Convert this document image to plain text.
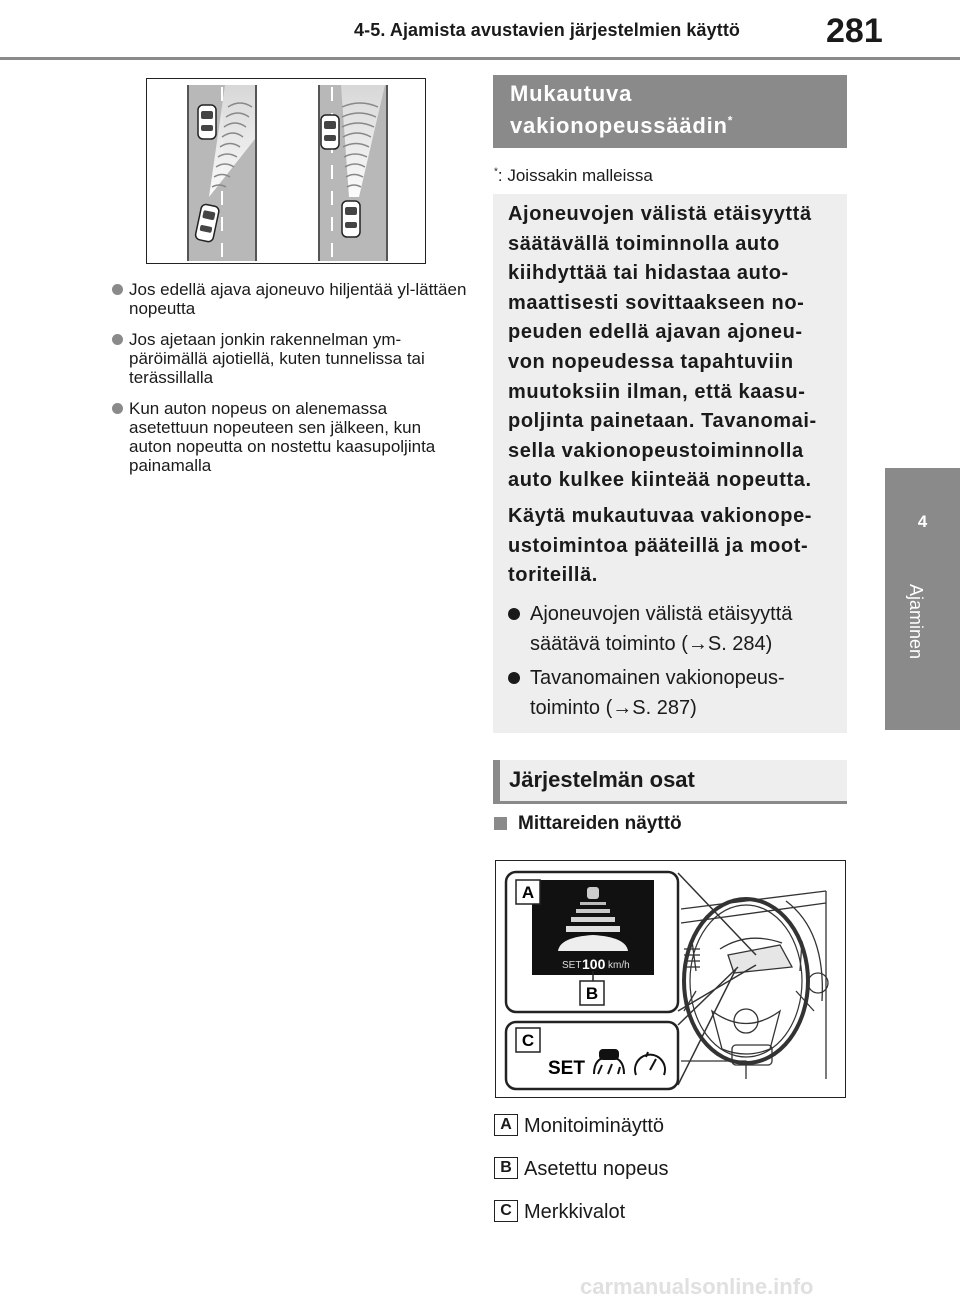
4-5. Ajamista avustavien järjestelmien käyttö	281
4
Ajaminen
Jos edellä ajava ajoneuvo hiljentää yl-lättäen nopeutta
Jos ajetaan jonkin rakennelman ym-päröimällä ajotiellä, kuten tunnelissa tai terässillalla
Kun auton nopeus on alenemassa asetettuun nopeuteen sen jälkeen, kun auton nopeutta on nostettu kaasupoljinta painamalla
Mukautuva
vakionopeussäädin*
*: Joissakin malleissa

Ajoneuvojen välistä etäisyyttä säätävällä toiminnolla auto kiihdyttää tai hidastaa auto-maattisesti sovittaakseen no-peuden edellä ajavan ajoneu-von nopeudessa tapahtuviin muutoksiin ilman, että kaasu-poljinta painetaan. Tavanomai-sella vakionopeustoiminnolla auto kulkee kiinteää nopeutta.

Käytä mukautuvaa vakionope-ustoimintoa pääteillä ja moot-toriteillä.

Ajoneuvojen välistä etäisyyttä säätävä toiminto (→S. 284)
Tavanomainen vakionopeus-toiminto (→S. 287)
Järjestelmän osat
Mittareiden näyttö
SET 100 km/h
A
B
C
SET
A Monitoiminäyttö
B Asetettu nopeus
C Merkkivalot
carmanualsonline.info
